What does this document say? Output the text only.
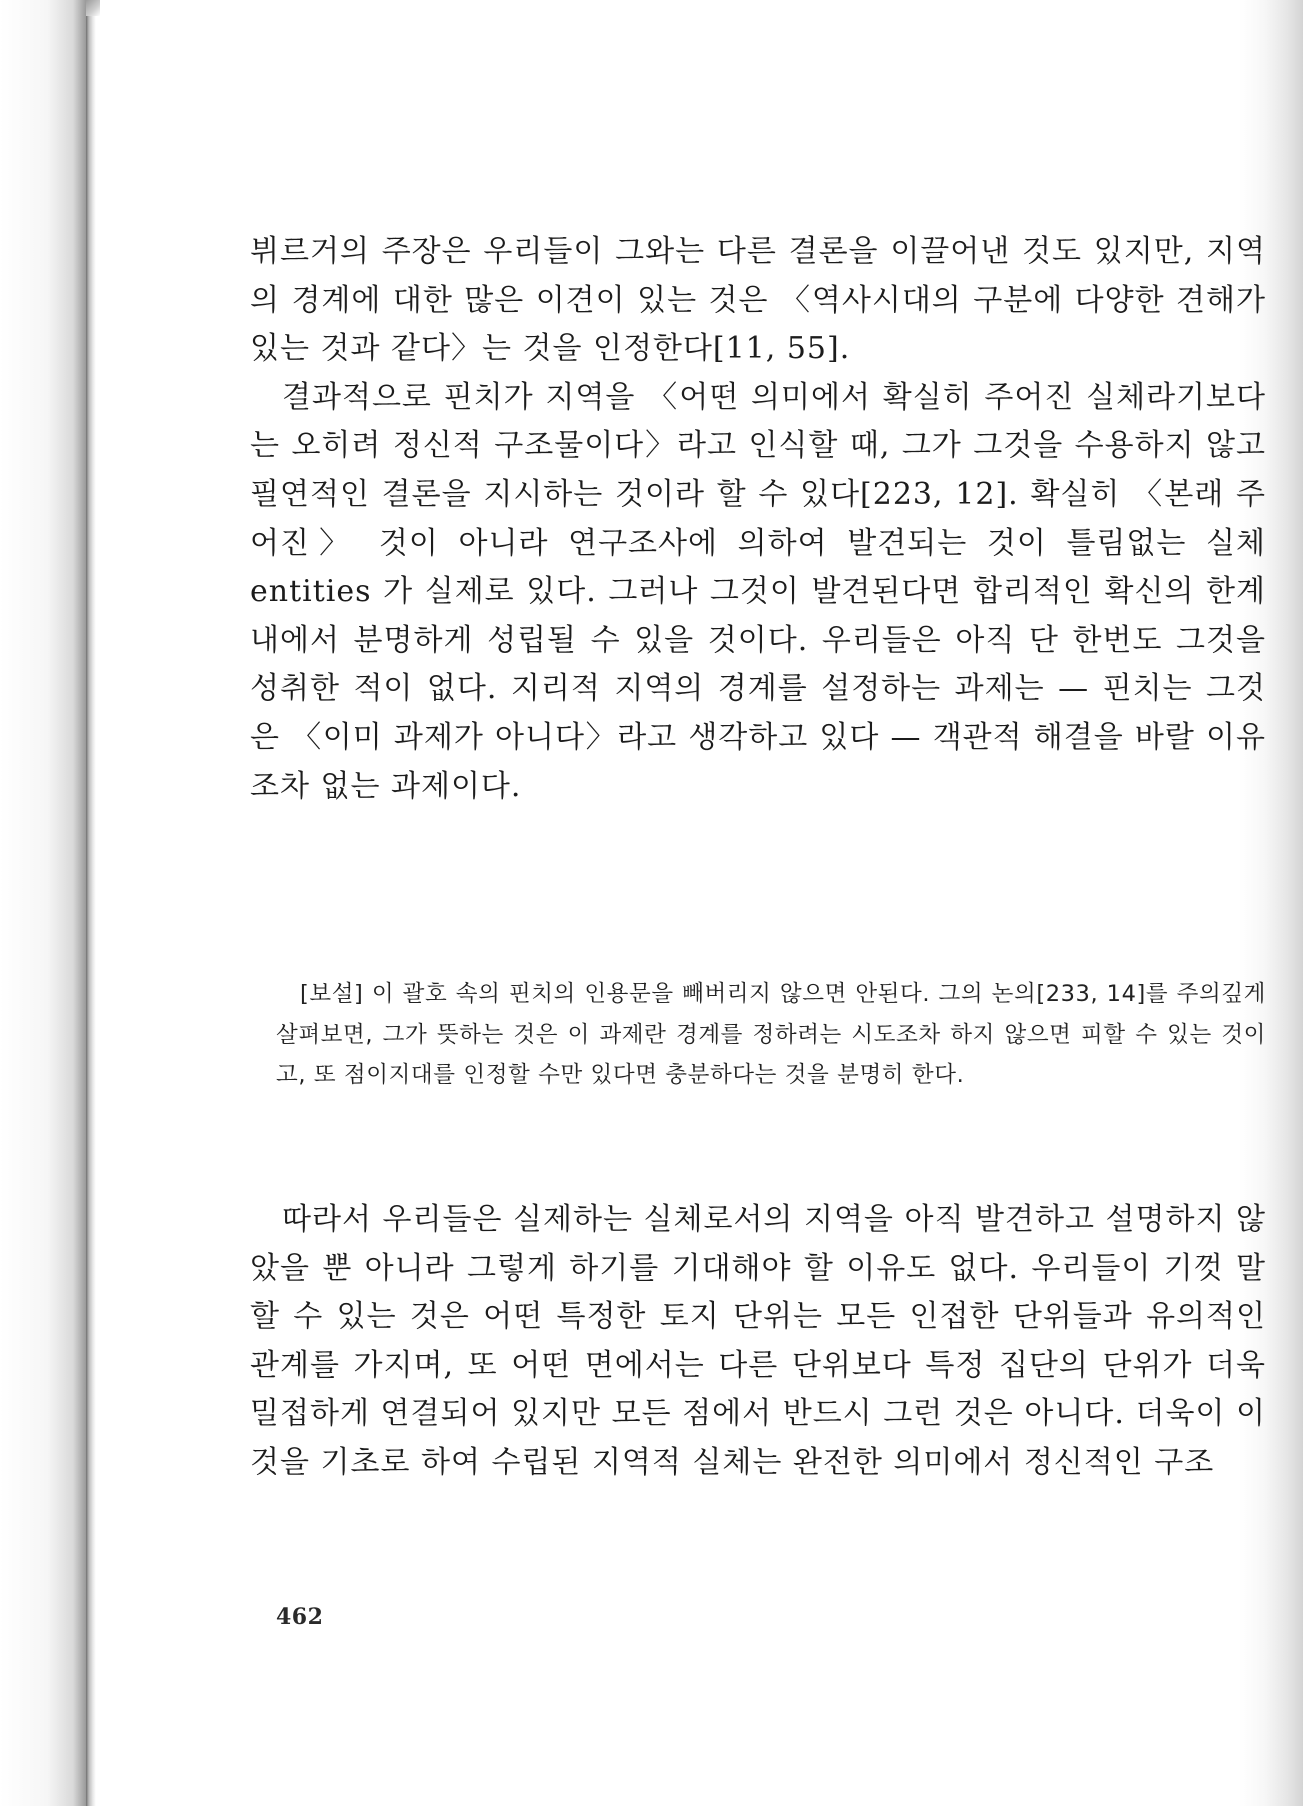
뷔르거의 주장은 우리들이 그와는 다른 결론을 이끌어낸 것도 있지만, 지역의 경계에 대한 많은 이견이 있는 것은 〈역사시대의 구분에 다양한 견해가 있는 것과 같다〉는 것을 인정한다[11, 55].

결과적으로 핀치가 지역을 〈어떤 의미에서 확실히 주어진 실체라기보다는 오히려 정신적 구조물이다〉라고 인식할 때, 그가 그것을 수용하지 않고 필연적인 결론을 지시하는 것이라 할 수 있다[223, 12]. 확실히 〈본래 주어진〉 것이 아니라 연구조사에 의하여 발견되는 것이 틀림없는 실체 entities 가 실제로 있다. 그러나 그것이 발견된다면 합리적인 확신의 한계 내에서 분명하게 성립될 수 있을 것이다. 우리들은 아직 단 한번도 그것을 성취한 적이 없다. 지리적 지역의 경계를 설정하는 과제는 — 핀치는 그것은 〈이미 과제가 아니다〉라고 생각하고 있다 — 객관적 해결을 바랄 이유조차 없는 과제이다.

[보설] 이 괄호 속의 핀치의 인용문을 빼버리지 않으면 안된다. 그의 논의[233, 14]를 주의깊게 살펴보면, 그가 뜻하는 것은 이 과제란 경계를 정하려는 시도조차 하지 않으면 피할 수 있는 것이고, 또 점이지대를 인정할 수만 있다면 충분하다는 것을 분명히 한다.

따라서 우리들은 실제하는 실체로서의 지역을 아직 발견하고 설명하지 않았을 뿐 아니라 그렇게 하기를 기대해야 할 이유도 없다. 우리들이 기껏 말할 수 있는 것은 어떤 특정한 토지 단위는 모든 인접한 단위들과 유의적인 관계를 가지며, 또 어떤 면에서는 다른 단위보다 특정 집단의 단위가 더욱 밀접하게 연결되어 있지만 모든 점에서 반드시 그런 것은 아니다. 더욱이 이것을 기초로 하여 수립된 지역적 실체는 완전한 의미에서 정신적인 구조

462
